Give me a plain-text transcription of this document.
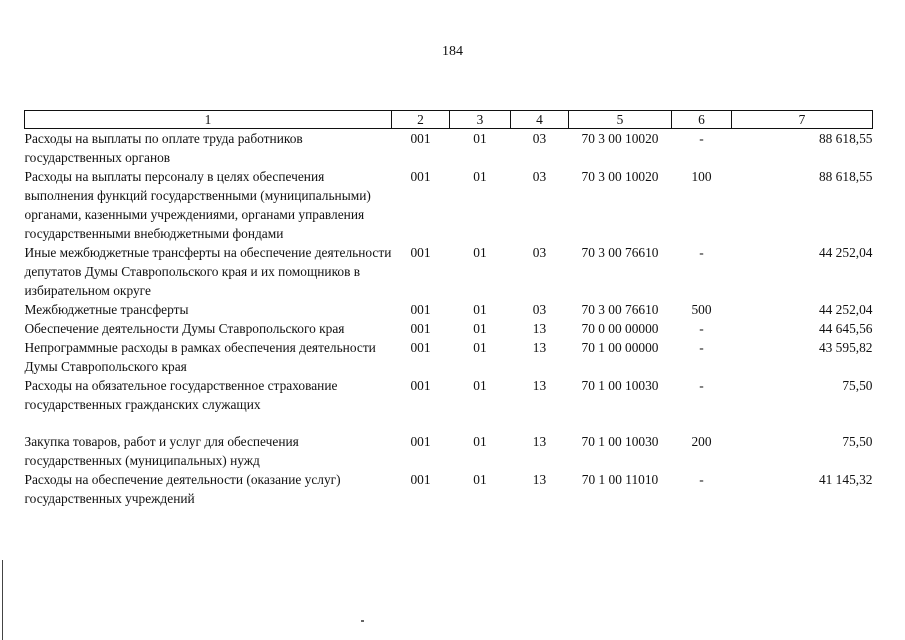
184
1	2	3	4	5	6	7
Расходы на выплаты по оплате труда работников государственных органов	001	01	03	70 3 00 10020	-	88 618,55
Расходы на выплаты персоналу в целях обеспечения выполнения функций государственными (муниципальными) органами, казенными учреждениями, органами управления государственными внебюджетными фондами	001	01	03	70 3 00 10020	100	88 618,55
Иные межбюджетные трансферты на обеспечение деятельности депутатов Думы Ставропольского края и их помощников в избирательном округе	001	01	03	70 3 00 76610	-	44 252,04
Межбюджетные трансферты	001	01	03	70 3 00 76610	500	44 252,04
Обеспечение деятельности Думы Ставропольского края	001	01	13	70 0 00 00000	-	44 645,56
Непрограммные расходы в рамках обеспечения деятельности Думы Ставропольского края	001	01	13	70 1 00 00000	-	43 595,82
Расходы на обязательное государственное страхование государственных гражданских служащих	001	01	13	70 1 00 10030	-	75,50

Закупка товаров, работ и услуг для обеспечения государственных (муниципальных) нужд	001	01	13	70 1 00 10030	200	75,50
Расходы на обеспечение деятельности (оказание услуг) государственных учреждений	001	01	13	70 1 00 11010	-	41 145,32
